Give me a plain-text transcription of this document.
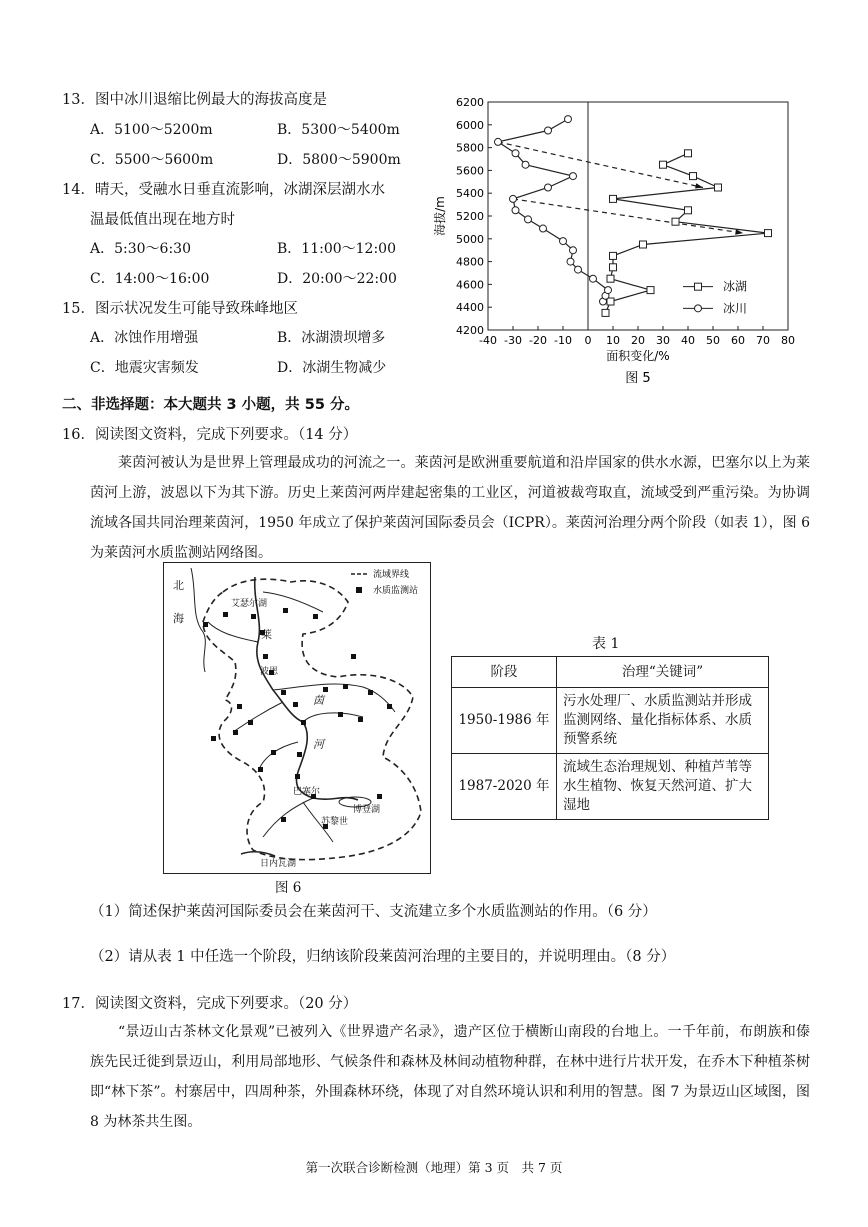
13．图中冰川退缩比例最大的海拔高度是
A．5100～5200m	B．5300～5400m
C．5500～5600m	D．5800～5900m
14．晴天，受融水日垂直流影响，冰湖深层湖水水
温最低值出现在地方时
A．5:30～6:30	B．11:00～12:00
C．14:00～16:00	D．20:00～22:00
15．图示状况发生可能导致珠峰地区
A．冰蚀作用增强	B．冰湖溃坝增多
C．地震灾害频发	D．冰湖生物减少
-40 -30 -20 -10 0 10 20 30 40 50 60 70 80
4200
4400
4600
4800
5000
5200
5400
5600
5800
6000
6200
面积变化/%
海拔/m
图 5
冰湖
冰川
二、非选择题：本大题共 3 小题，共 55 分。
16．阅读图文资料，完成下列要求。（14 分）
莱茵河被认为是世界上管理最成功的河流之一。莱茵河是欧洲重要航道和沿岸国家的供水水源，巴塞尔以上为莱茵河上游，波恩以下为其下游。历史上莱茵河两岸建起密集的工业区，河道被裁弯取直，流域受到严重污染。为协调流域各国共同治理莱茵河，1950 年成立了保护莱茵河国际委员会（ICPR）。莱茵河治理分两个阶段（如表 1），图 6 为莱茵河水质监测站网络图。
流域界线
水质监测站
北
海
艾瑟尔湖
莱
波恩
茵
河
巴塞尔
博登湖
苏黎世
日内瓦湖
图 6
表 1
阶段	治理“关键词”
1950-1986 年	污水处理厂、水质监测站并形成监测网络、量化指标体系、水质预警系统
1987-2020 年	流域生态治理规划、种植芦苇等水生植物、恢复天然河道、扩大湿地
（1）简述保护莱茵河国际委员会在莱茵河干、支流建立多个水质监测站的作用。（6 分）
（2）请从表 1 中任选一个阶段，归纳该阶段莱茵河治理的主要目的，并说明理由。（8 分）
17．阅读图文资料，完成下列要求。（20 分）
“景迈山古茶林文化景观”已被列入《世界遗产名录》，遗产区位于横断山南段的台地上。一千年前，布朗族和傣族先民迁徙到景迈山，利用局部地形、气候条件和森林及林间动植物种群，在林中进行片状开发，在乔木下种植茶树即“林下茶”。村寨居中，四周种茶，外围森林环绕，体现了对自然环境认识和利用的智慧。图 7 为景迈山区域图，图 8 为林茶共生图。
第一次联合诊断检测（地理）第 3 页　共 7 页
